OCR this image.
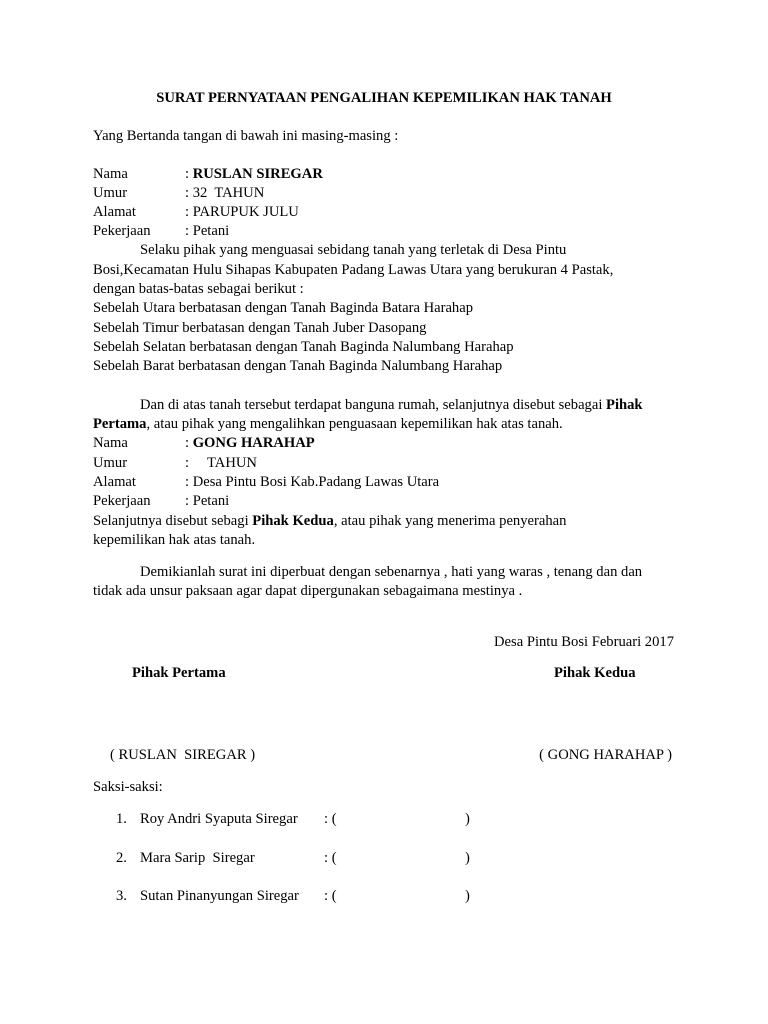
SURAT PERNYATAAN PENGALIHAN KEPEMILIKAN HAK TANAH
Yang Bertanda tangan di bawah ini masing-masing :
Nama	: RUSLAN SIREGAR
Umur	: 32  TAHUN
Alamat	: PARUPUK JULU
Pekerjaan : Petani
Selaku pihak yang menguasai sebidang tanah yang terletak di Desa Pintu
Bosi,Kecamatan Hulu Sihapas Kabupaten Padang Lawas Utara yang berukuran 4 Pastak,
dengan batas-batas sebagai berikut :
Sebelah Utara berbatasan dengan Tanah Baginda Batara Harahap
Sebelah Timur berbatasan dengan Tanah Juber Dasopang
Sebelah Selatan berbatasan dengan Tanah Baginda Nalumbang Harahap
Sebelah Barat berbatasan dengan Tanah Baginda Nalumbang Harahap
Dan di atas tanah tersebut terdapat banguna rumah, selanjutnya disebut sebagai Pihak
Pertama, atau pihak yang mengalihkan penguasaan kepemilikan hak atas tanah.
Nama	: GONG HARAHAP
Umur	:     TAHUN
Alamat	: Desa Pintu Bosi Kab.Padang Lawas Utara
Pekerjaan : Petani
Selanjutnya disebut sebagi Pihak Kedua, atau pihak yang menerima penyerahan
kepemilikan hak atas tanah.
Demikianlah surat ini diperbuat dengan sebenarnya , hati yang waras , tenang dan dan
tidak ada unsur paksaan agar dapat dipergunakan sebagaimana mestinya .
Desa Pintu Bosi Februari 2017
Pihak Pertama	Pihak Kedua
( RUSLAN  SIREGAR )	( GONG HARAHAP )
Saksi-saksi:
1. Roy Andri Syaputa Siregar : (	)
2. Mara Sarip  Siregar	: (	)
3. Sutan Pinanyungan Siregar : (	)
